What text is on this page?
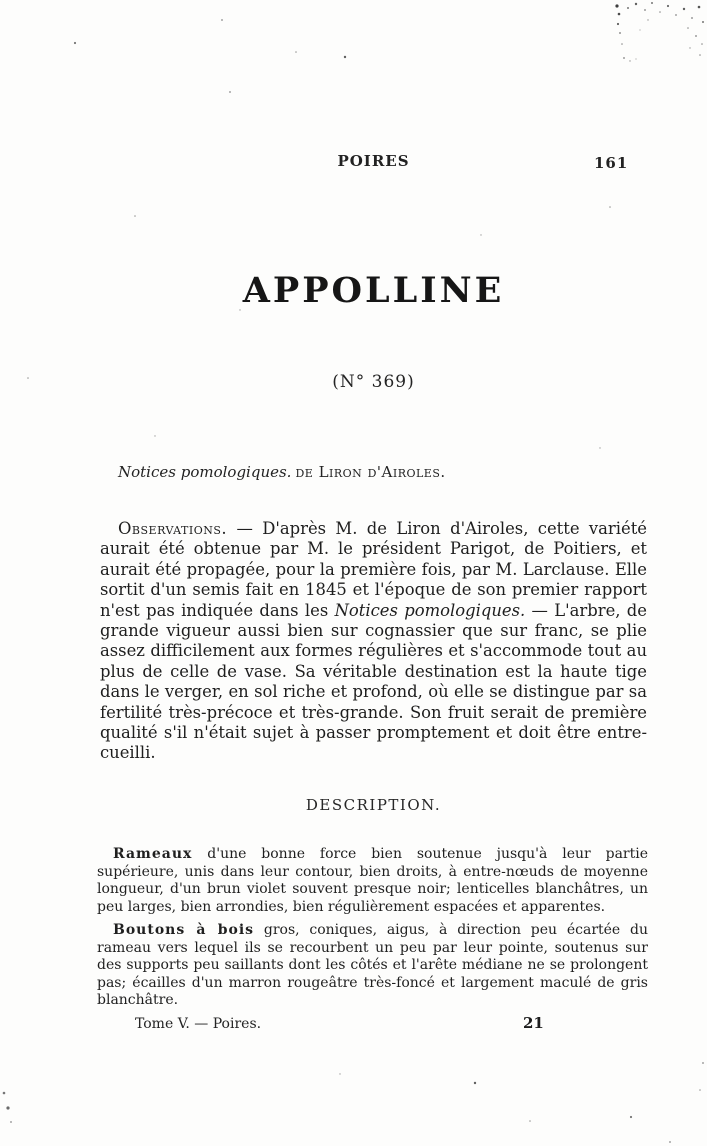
POIRES	161
APPOLLINE
(N° 369)
Notices pomologiques. de Liron d'Airoles.

Observations. — D'après M. de Liron d'Airoles, cette variété aurait été obtenue par M. le président Parigot, de Poitiers, et aurait été propagée, pour la première fois, par M. Larclause. Elle sortit d'un semis fait en 1845 et l'époque de son premier rapport n'est pas indiquée dans les Notices pomologiques. — L'arbre, de grande vigueur aussi bien sur cognassier que sur franc, se plie assez difficilement aux formes régulières et s'accommode tout au plus de celle de vase. Sa véritable destination est la haute tige dans le verger, en sol riche et profond, où elle se distingue par sa fertilité très-précoce et très-grande. Son fruit serait de première qualité s'il n'était sujet à passer promptement et doit être entre-cueilli.

DESCRIPTION.

Rameaux d'une bonne force bien soutenue jusqu'à leur partie supérieure, unis dans leur contour, bien droits, à entre-nœuds de moyenne longueur, d'un brun violet souvent presque noir; lenticelles blanchâtres, un peu larges, bien arrondies, bien régulièrement espacées et apparentes.

Boutons à bois gros, coniques, aigus, à direction peu écartée du rameau vers lequel ils se recourbent un peu par leur pointe, soutenus sur des supports peu saillants dont les côtés et l'arête médiane ne se prolongent pas; écailles d'un marron rougeâtre très-foncé et largement maculé de gris blanchâtre.

Tome V. — Poires.	21
